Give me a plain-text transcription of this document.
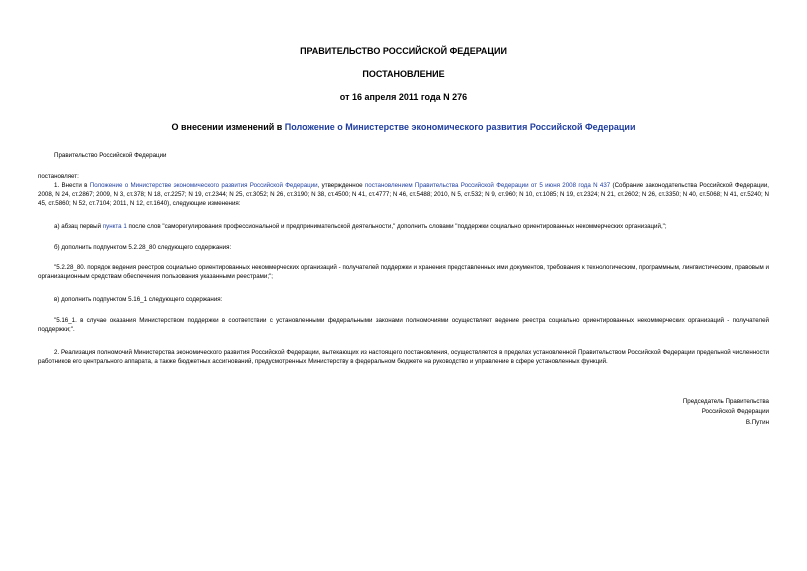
ПРАВИТЕЛЬСТВО РОССИЙСКОЙ ФЕДЕРАЦИИ
ПОСТАНОВЛЕНИЕ
от 16 апреля 2011 года N 276
О внесении изменений в Положение о Министерстве экономического развития Российской Федерации
Правительство Российской Федерации
постановляет:
1. Внести в Положение о Министерстве экономического развития Российской Федерации, утвержденное постановлением Правительства Российской Федерации от 5 июня 2008 года N 437 (Собрание законодательства Российской Федерации, 2008, N 24, ст.2867; 2009, N 3, ст.378; N 18, ст.2257; N 19, ст.2344; N 25, ст.3052; N 26, ст.3190; N 38, ст.4500; N 41, ст.4777; N 46, ст.5488; 2010, N 5, ст.532; N 9, ст.960; N 10, ст.1085; N 19, ст.2324; N 21, ст.2602; N 26, ст.3350; N 40, ст.5068; N 41, ст.5240; N 45, ст.5860; N 52, ст.7104; 2011, N 12, ст.1640), следующие изменения:
а) абзац первый пункта 1 после слов "саморегулирования профессиональной и предпринимательской деятельности," дополнить словами "поддержки социально ориентированных некоммерческих организаций,";
б) дополнить подпунктом 5.2.28_80 следующего содержания:
"5.2.28_80. порядок ведения реестров социально ориентированных некоммерческих организаций - получателей поддержки и хранения представленных ими документов, требования к технологическим, программным, лингвистическим, правовым и организационным средствам обеспечения пользования указанными реестрами;";
в) дополнить подпунктом 5.16_1 следующего содержания:
"5.16_1. в случае оказания Министерством поддержки в соответствии с установленными федеральными законами полномочиями осуществляет ведение реестра социально ориентированных некоммерческих организаций - получателей поддержки;".
2. Реализация полномочий Министерства экономического развития Российской Федерации, вытекающих из настоящего постановления, осуществляется в пределах установленной Правительством Российской Федерации предельной численности работников его центрального аппарата, а также бюджетных ассигнований, предусмотренных Министерству в федеральном бюджете на руководство и управление в сфере установленных функций.
Председатель Правительства
Российской Федерации
В.Путин
